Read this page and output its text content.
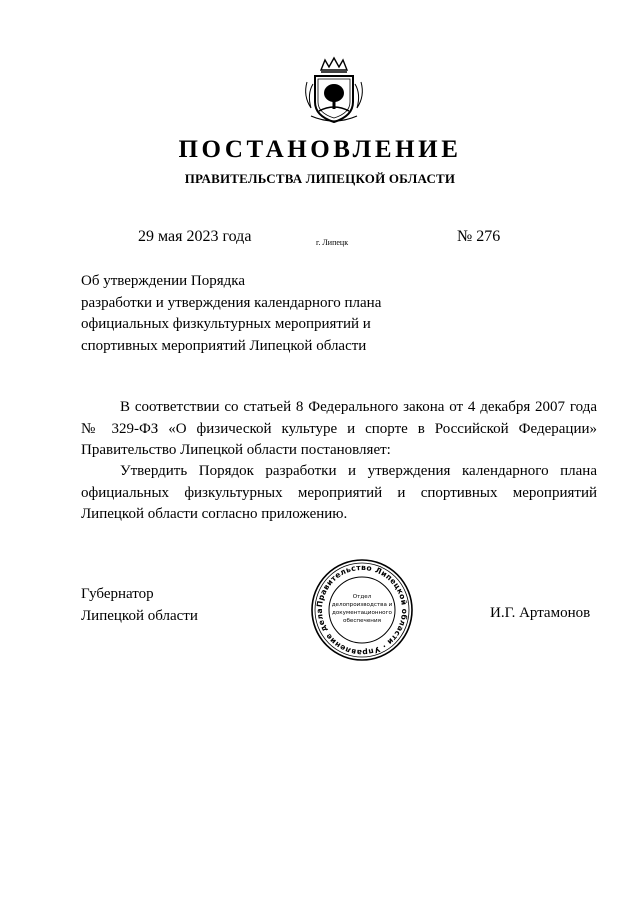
ПОСТАНОВЛЕНИЕ
ПРАВИТЕЛЬСТВА ЛИПЕЦКОЙ ОБЛАСТИ
29 мая 2023 года	г. Липецк	№ 276
Об утверждении Порядка
разработки и утверждения календарного плана
официальных физкультурных мероприятий и
спортивных мероприятий Липецкой области
В соответствии со статьей 8 Федерального закона от 4 декабря 2007 года
№ 329-ФЗ «О физической культуре и спорте в Российской Федерации»
Правительство Липецкой области постановляет:
Утвердить Порядок разработки и утверждения календарного плана
официальных физкультурных мероприятий и спортивных мероприятий
Липецкой области согласно приложению.
Губернатор
Липецкой области
Правительство Липецкой области · Управление дела
Отдел
делопроизводства и
документационного
обеспечения	И.Г. Артамонов
